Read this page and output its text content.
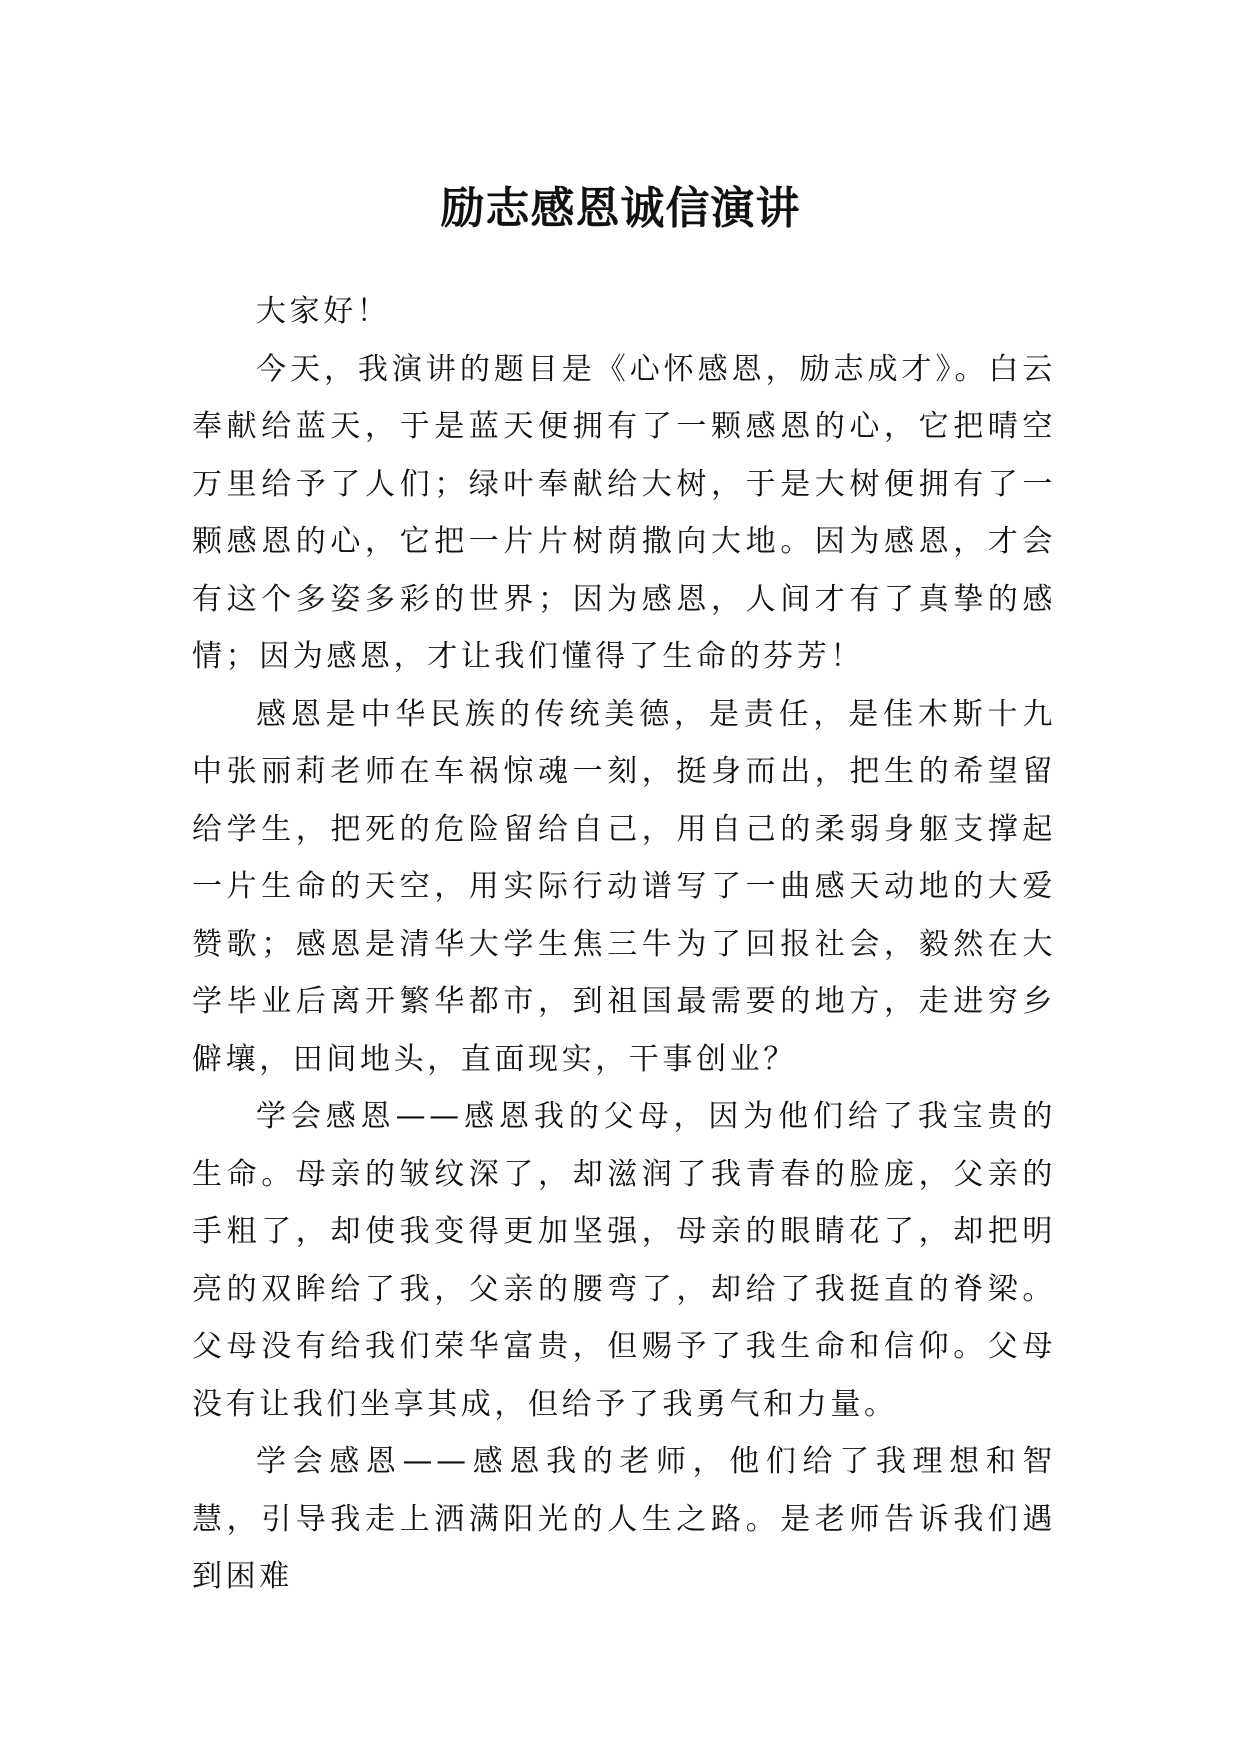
励志感恩诚信演讲

大家好！

今天，我演讲的题目是《心怀感恩，励志成才》。白云奉献给蓝天，于是蓝天便拥有了一颗感恩的心，它把晴空万里给予了人们；绿叶奉献给大树，于是大树便拥有了一颗感恩的心，它把一片片树荫撒向大地。因为感恩，才会有这个多姿多彩的世界；因为感恩，人间才有了真挚的感情；因为感恩，才让我们懂得了生命的芬芳！

感恩是中华民族的传统美德，是责任，是佳木斯十九中张丽莉老师在车祸惊魂一刻，挺身而出，把生的希望留给学生，把死的危险留给自己，用自己的柔弱身躯支撑起一片生命的天空，用实际行动谱写了一曲感天动地的大爱赞歌；感恩是清华大学生焦三牛为了回报社会，毅然在大学毕业后离开繁华都市，到祖国最需要的地方，走进穷乡僻壤，田间地头，直面现实，干事创业？

学会感恩——感恩我的父母，因为他们给了我宝贵的生命。母亲的皱纹深了，却滋润了我青春的脸庞，父亲的手粗了，却使我变得更加坚强，母亲的眼睛花了，却把明亮的双眸给了我，父亲的腰弯了，却给了我挺直的脊梁。父母没有给我们荣华富贵，但赐予了我生命和信仰。父母没有让我们坐享其成，但给予了我勇气和力量。

学会感恩——感恩我的老师，他们给了我理想和智慧，引导我走上洒满阳光的人生之路。是老师告诉我们遇到困难
